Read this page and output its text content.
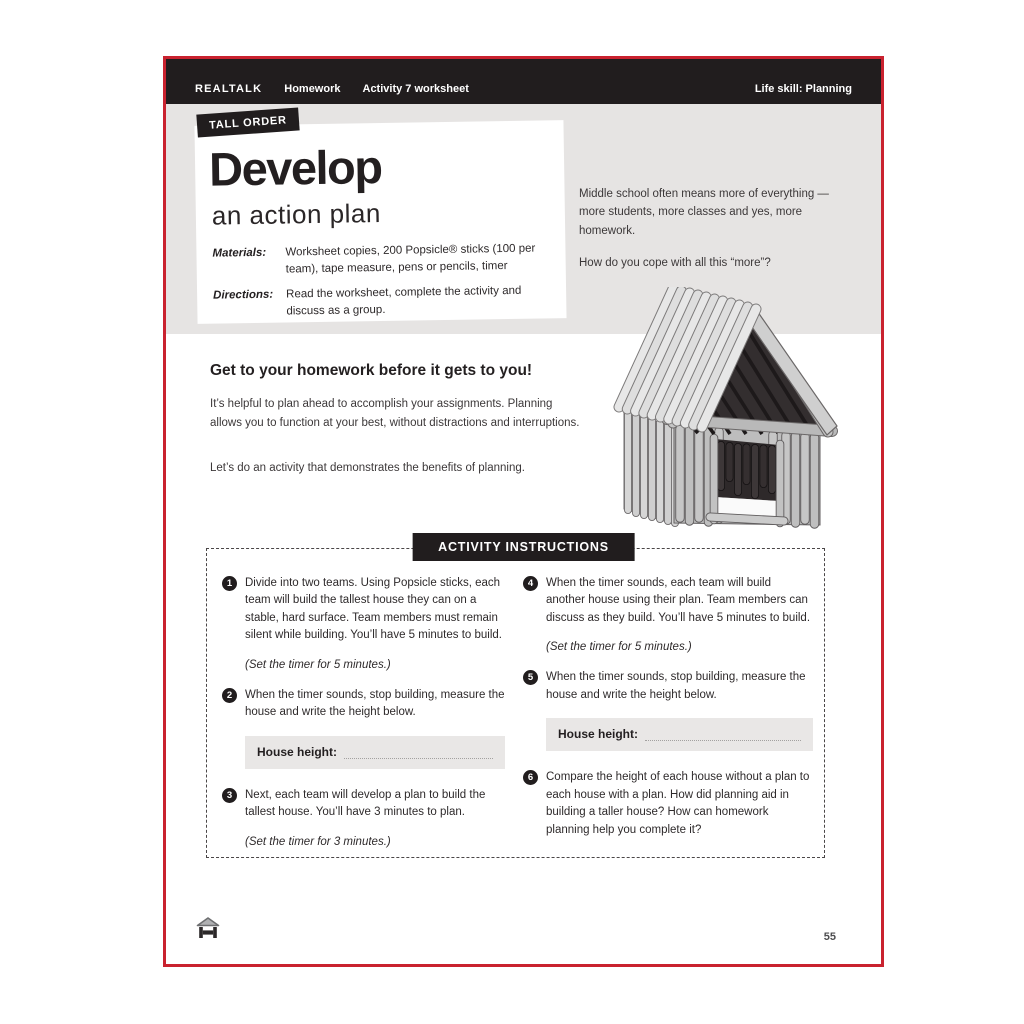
REALTALK Homework Activity 7 worksheet	Life skill: Planning
Develop
an action plan
Materials:	Worksheet copies, 200 Popsicle® sticks (100 per team), tape measure, pens or pencils, timer
Directions:	Read the worksheet, complete the activity and discuss as a group.
TALL ORDER

Middle school often means more of everything — more students, more classes and yes, more homework.

How do you cope with all this “more”?

Get to your homework before it gets to you!

It’s helpful to plan ahead to accomplish your assignments. Planning allows you to function at your best, without distractions and interruptions.

Let’s do an activity that demonstrates the benefits of planning.

ACTIVITY INSTRUCTIONS
1	Divide into two teams. Using Popsicle sticks, each team will build the tallest house they can on a stable, hard surface. Team members must remain silent while building. You’ll have 5 minutes to build.

(Set the timer for 5 minutes.)

2	When the timer sounds, stop building, measure the house and write the height below.
House height:
3	Next, each team will develop a plan to build the tallest house. You’ll have 3 minutes to plan.

(Set the timer for 3 minutes.)

4	When the timer sounds, each team will build another house using their plan. Team members can discuss as they build. You’ll have 5 minutes to build.

(Set the timer for 5 minutes.)

5	When the timer sounds, stop building, measure the house and write the height below.
House height:
6	Compare the height of each house without a plan to each house with a plan. How did planning aid in building a taller house? How can homework planning help you complete it?
55
